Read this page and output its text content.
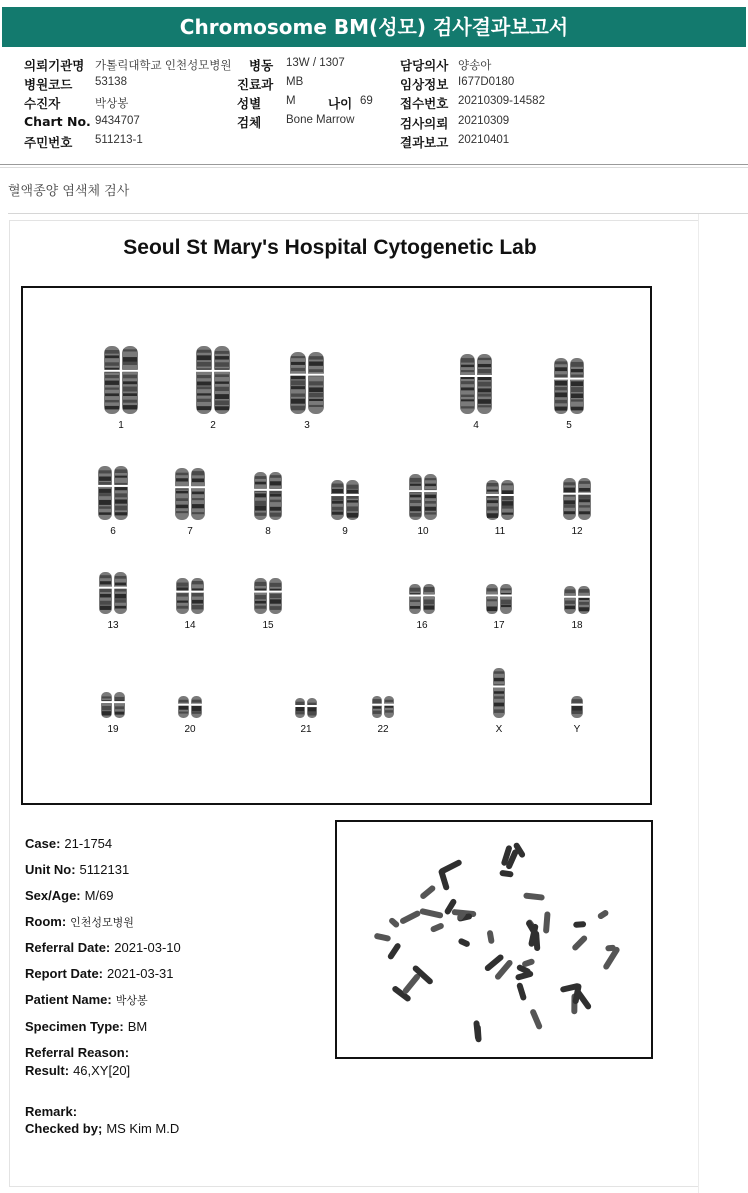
Chromosome BM(성모) 검사결과보고서
의뢰기관명 가톨릭대학교 인천성모병원
병원코드 53138
수진자	박상봉
Chart No. 9434707
주민번호 511213-1
병동 13W / 1307
진료과 MB
성별 M	나이 69
검체 Bone Marrow
담당의사 양송아
임상정보 I677D0180
접수번호 20210309-14582
검사의뢰 20210309
결과보고 20210401
혈액종양 염색체 검사
Seoul St Mary's Hospital Cytogenetic Lab
1	2	3	4	5
6	7	8	9	10	11	12
13	14	15	16	17	18
19	20	21	22	X	Y
Case: 21-1754
Unit No: 5112131
Sex/Age: M/69
Room: 인천성모병원
Referral Date: 2021-03-10
Report Date: 2021-03-31
Patient Name: 박상봉
Specimen Type: BM
Referral Reason:
Result: 46,XY[20]
Remark:
Checked by; MS Kim M.D
